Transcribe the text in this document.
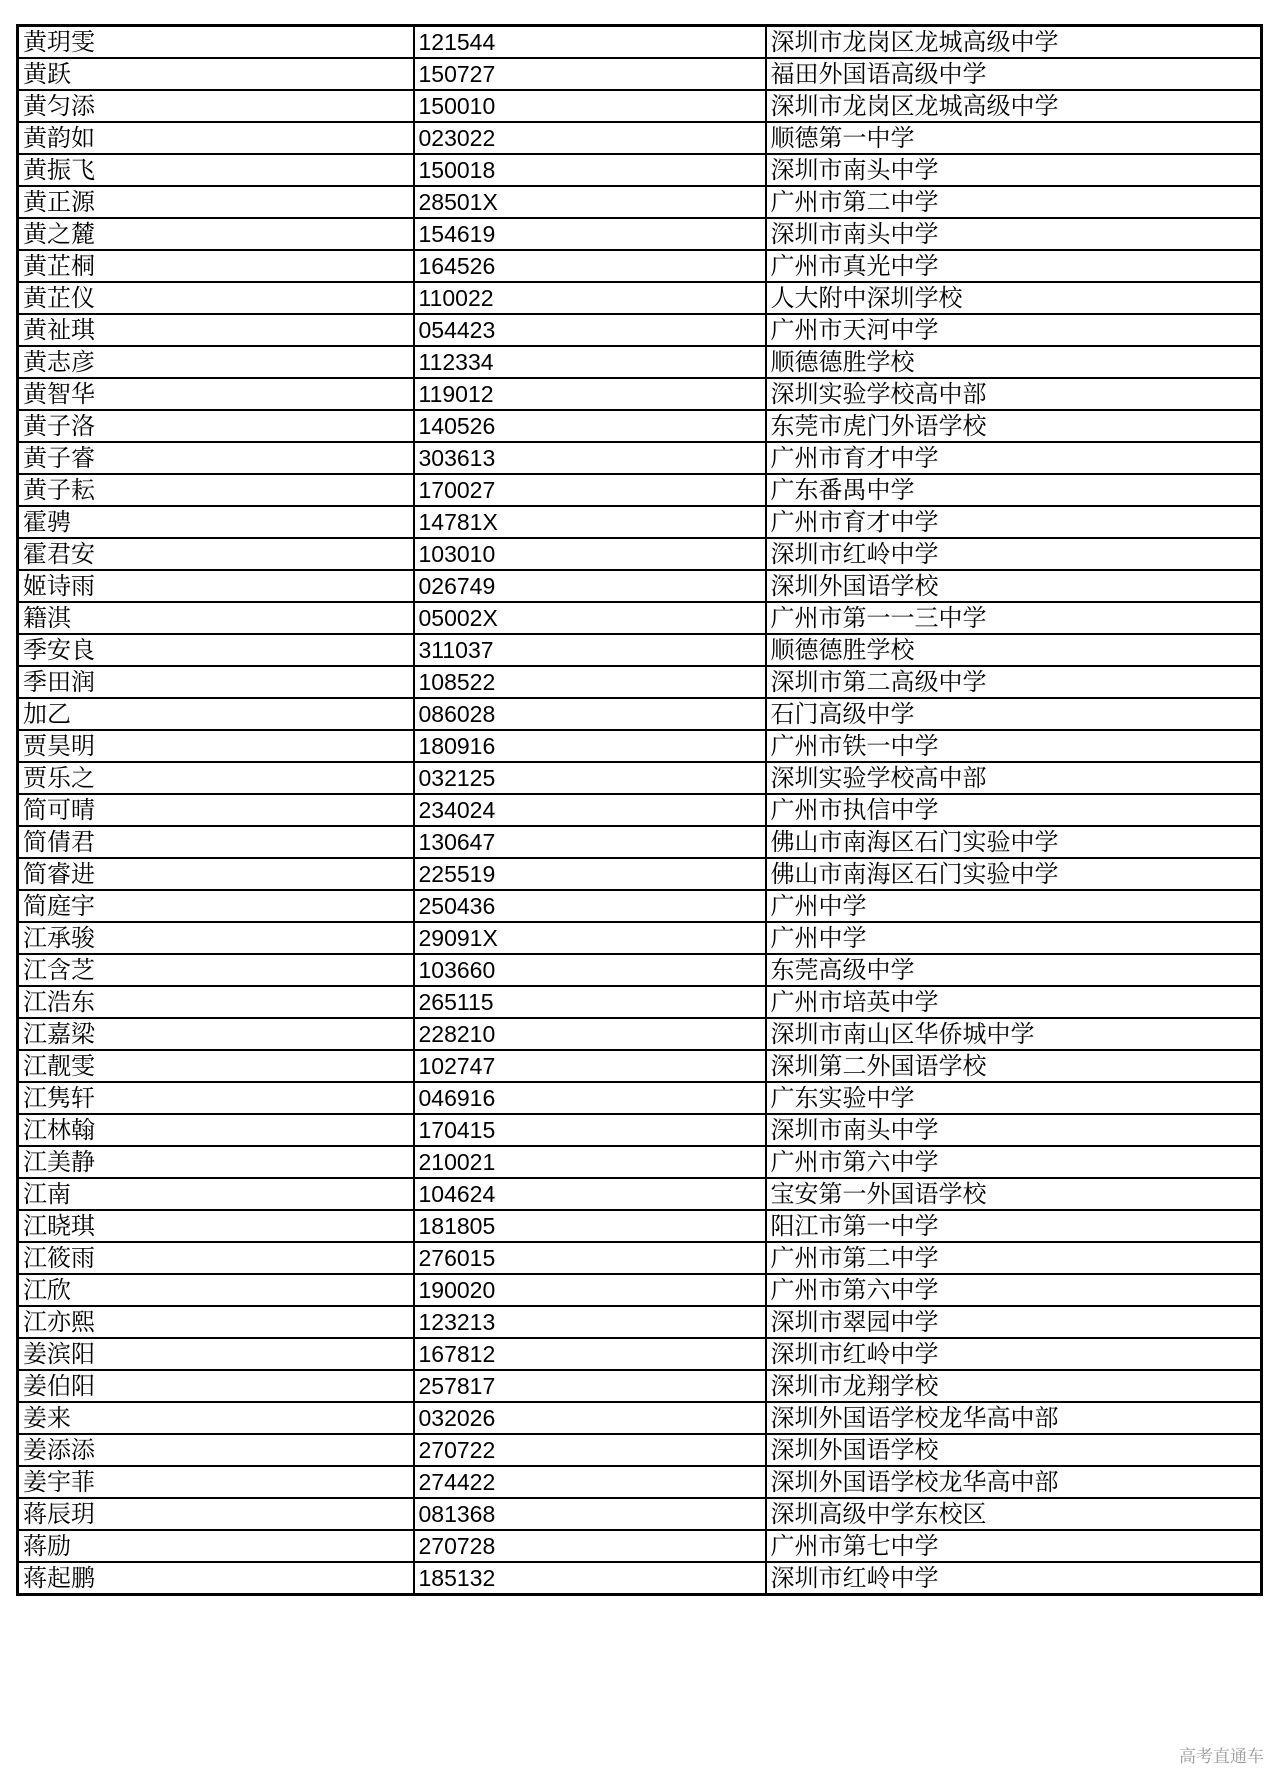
黄玥雯	121544	深圳市龙岗区龙城高级中学
黄跃	150727	福田外国语高级中学
黄匀添	150010	深圳市龙岗区龙城高级中学
黄韵如	023022	顺德第一中学
黄振飞	150018	深圳市南头中学
黄正源	28501X	广州市第二中学
黄之麓	154619	深圳市南头中学
黄芷桐	164526	广州市真光中学
黄芷仪	110022	人大附中深圳学校
黄祉琪	054423	广州市天河中学
黄志彦	112334	顺德德胜学校
黄智华	119012	深圳实验学校高中部
黄子洛	140526	东莞市虎门外语学校
黄子睿	303613	广州市育才中学
黄子耘	170027	广东番禺中学
霍骋	14781X	广州市育才中学
霍君安	103010	深圳市红岭中学
姬诗雨	026749	深圳外国语学校
籍淇	05002X	广州市第一一三中学
季安良	311037	顺德德胜学校
季田润	108522	深圳市第二高级中学
加乙	086028	石门高级中学
贾昊明	180916	广州市铁一中学
贾乐之	032125	深圳实验学校高中部
简可晴	234024	广州市执信中学
简倩君	130647	佛山市南海区石门实验中学
简睿进	225519	佛山市南海区石门实验中学
简庭宇	250436	广州中学
江承骏	29091X	广州中学
江含芝	103660	东莞高级中学
江浩东	265115	广州市培英中学
江嘉梁	228210	深圳市南山区华侨城中学
江靓雯	102747	深圳第二外国语学校
江隽轩	046916	广东实验中学
江林翰	170415	深圳市南头中学
江美静	210021	广州市第六中学
江南	104624	宝安第一外国语学校
江晓琪	181805	阳江市第一中学
江筱雨	276015	广州市第二中学
江欣	190020	广州市第六中学
江亦熙	123213	深圳市翠园中学
姜滨阳	167812	深圳市红岭中学
姜伯阳	257817	深圳市龙翔学校
姜来	032026	深圳外国语学校龙华高中部
姜添添	270722	深圳外国语学校
姜宇菲	274422	深圳外国语学校龙华高中部
蒋辰玥	081368	深圳高级中学东校区
蒋励	270728	广州市第七中学
蒋起鹏	185132	深圳市红岭中学
高考直通车
